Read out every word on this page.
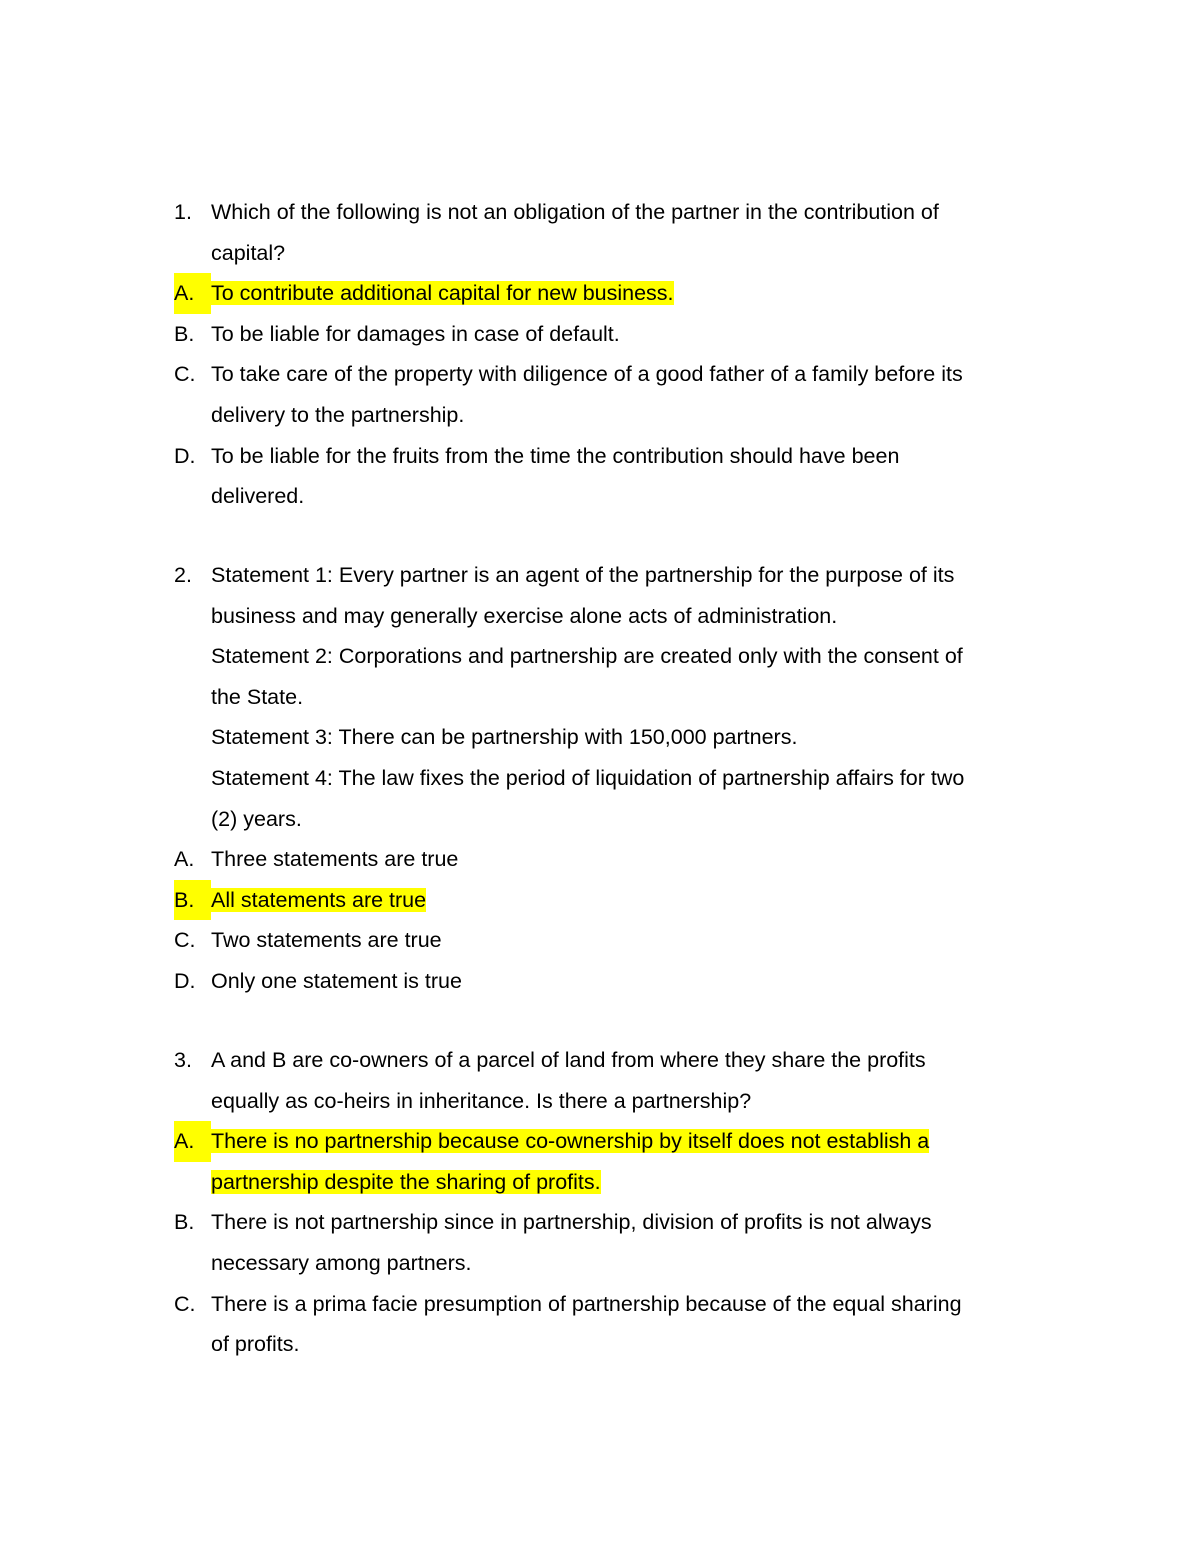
1. Which of the following is not an obligation of the partner in the contribution of
capital?
A. To contribute additional capital for new business.
B. To be liable for damages in case of default.
C. To take care of the property with diligence of a good father of a family before its
delivery to the partnership.
D. To be liable for the fruits from the time the contribution should have been
delivered.
2. Statement 1: Every partner is an agent of the partnership for the purpose of its
business and may generally exercise alone acts of administration.
Statement 2: Corporations and partnership are created only with the consent of
the State.
Statement 3: There can be partnership with 150,000 partners.
Statement 4: The law fixes the period of liquidation of partnership affairs for two
(2) years.
A. Three statements are true
B. All statements are true
C. Two statements are true
D. Only one statement is true
3. A and B are co-owners of a parcel of land from where they share the profits
equally as co-heirs in inheritance. Is there a partnership?
A. There is no partnership because co-ownership by itself does not establish a
partnership despite the sharing of profits.
B. There is not partnership since in partnership, division of profits is not always
necessary among partners.
C. There is a prima facie presumption of partnership because of the equal sharing
of profits.
